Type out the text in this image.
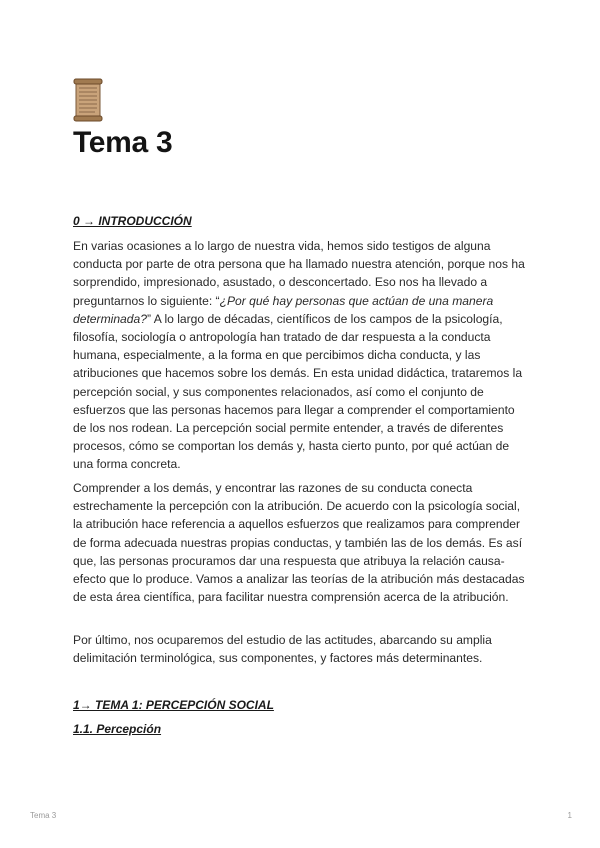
Tema 3
0 → INTRODUCCIÓN

En varias ocasiones a lo largo de nuestra vida, hemos sido testigos de alguna conducta por parte de otra persona que ha llamado nuestra atención, porque nos ha sorprendido, impresionado, asustado, o desconcertado. Eso nos ha llevado a preguntarnos lo siguiente: “¿Por qué hay personas que actúan de una manera determinada?” A lo largo de décadas, científicos de los campos de la psicología, filosofía, sociología o antropología han tratado de dar respuesta a la conducta humana, especialmente, a la forma en que percibimos dicha conducta, y las atribuciones que hacemos sobre los demás. En esta unidad didáctica, trataremos la percepción social, y sus componentes relacionados, así como el conjunto de esfuerzos que las personas hacemos para llegar a comprender el comportamiento de los nos rodean. La percepción social permite entender, a través de diferentes procesos, cómo se comportan los demás y, hasta cierto punto, por qué actúan de una forma concreta.

Comprender a los demás, y encontrar las razones de su conducta conecta estrechamente la percepción con la atribución. De acuerdo con la psicología social, la atribución hace referencia a aquellos esfuerzos que realizamos para comprender de forma adecuada nuestras propias conductas, y también las de los demás. Es así que, las personas procuramos dar una respuesta que atribuya la relación causa-efecto que lo produce. Vamos a analizar las teorías de la atribución más destacadas de esta área científica, para facilitar nuestra comprensión acerca de la atribución.

Por último, nos ocuparemos del estudio de las actitudes, abarcando su amplia delimitación terminológica, sus componentes, y factores más determinantes.

1→ TEMA 1: PERCEPCIÓN SOCIAL
1.1. Percepción
Tema 3	1
